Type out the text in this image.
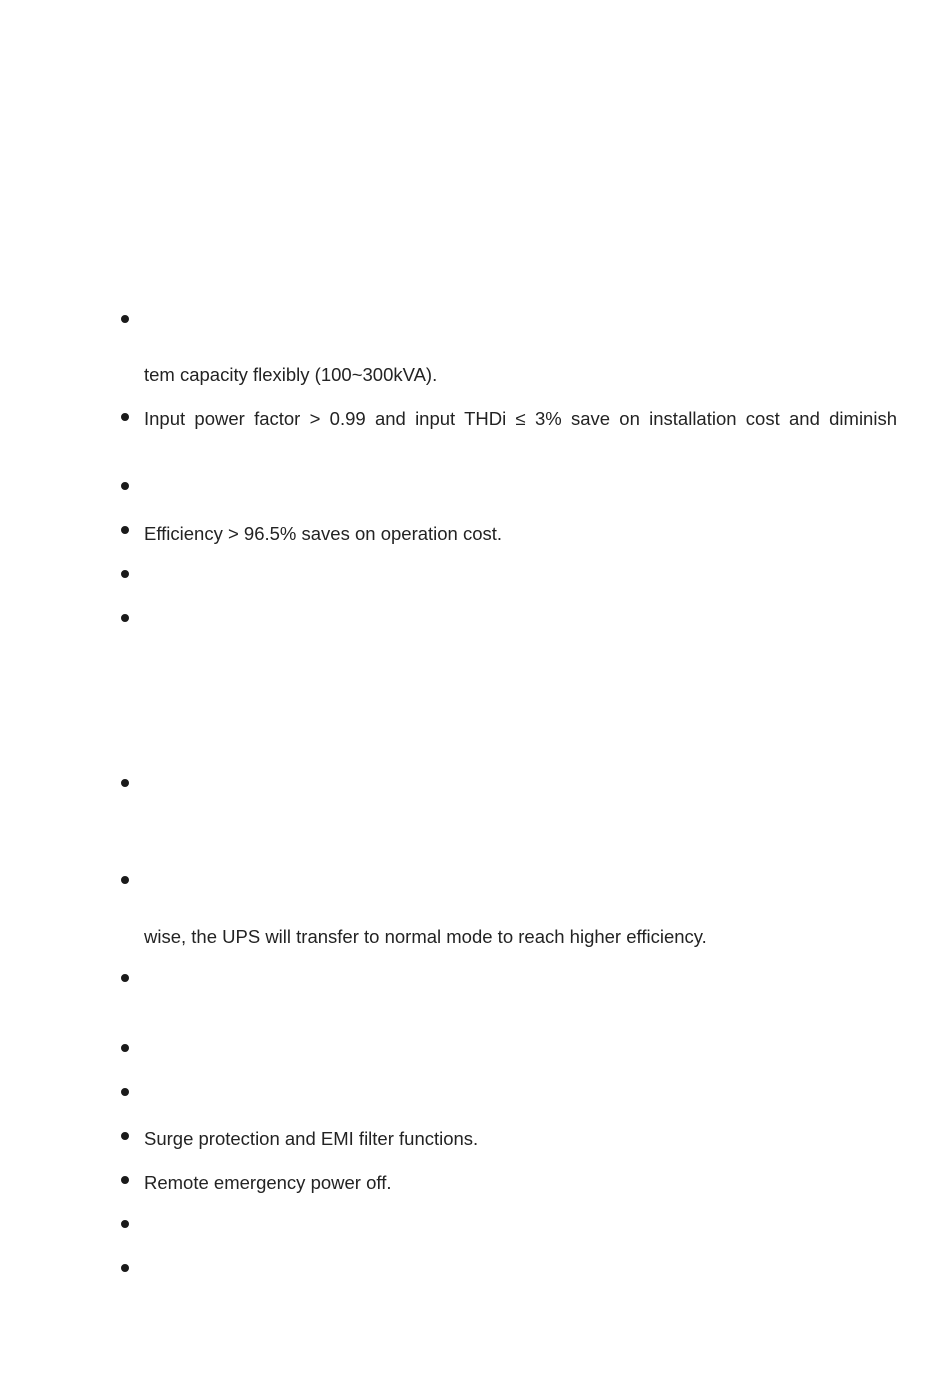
tem capacity flexibly (100~300kVA).
Input power factor > 0.99 and input THDi ≤ 3% save on installation cost and diminish
Efficiency > 96.5% saves on operation cost.
wise, the UPS will transfer to normal mode to reach higher efficiency.
Surge protection and EMI filter functions.
Remote emergency power off.
